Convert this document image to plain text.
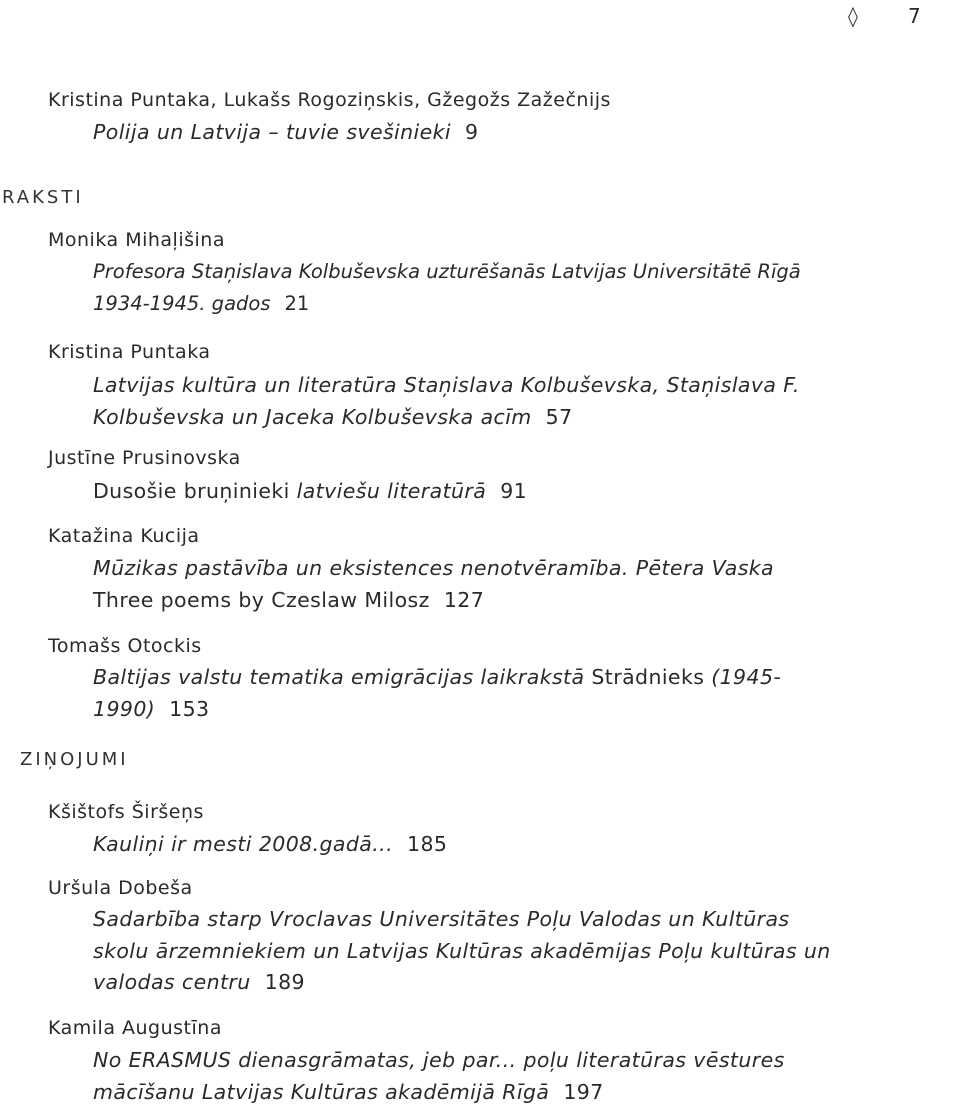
◊	7
Kristina Puntaka, Lukašs Rogoziņskis, Gžegožs Zažečnijs
Polija un Latvija – tuvie svešinieki 9
RAKSTI
Monika Mihaļišina
Profesora Staņislava Kolbuševska uzturēšanās Latvijas Universitātē Rīgā 1934-1945. gados 21
Kristina Puntaka
Latvijas kultūra un literatūra Staņislava Kolbuševska, Staņislava F. Kolbuševska un Jaceka Kolbuševska acīm 57
Justīne Prusinovska
Dusošie bruņinieki latviešu literatūrā 91
Katažina Kucija
Mūzikas pastāvība un eksistences nenotvēramība. Pētera Vaska Three poems by Czeslaw Milosz 127
Tomašs Otockis
Baltijas valstu tematika emigrācijas laikrakstā Strādnieks (1945-1990) 153
ZIŅOJUMI
Kšištofs Širšeņs
Kauliņi ir mesti 2008.gadā... 185
Uršula Dobeša
Sadarbība starp Vroclavas Universitātes Poļu Valodas un Kultūras skolu ārzemniekiem un Latvijas Kultūras akadēmijas Poļu kultūras un valodas centru 189
Kamila Augustīna
No ERASMUS dienasgrāmatas, jeb par... poļu literatūras vēstures mācīšanu Latvijas Kultūras akadēmijā Rīgā 197
